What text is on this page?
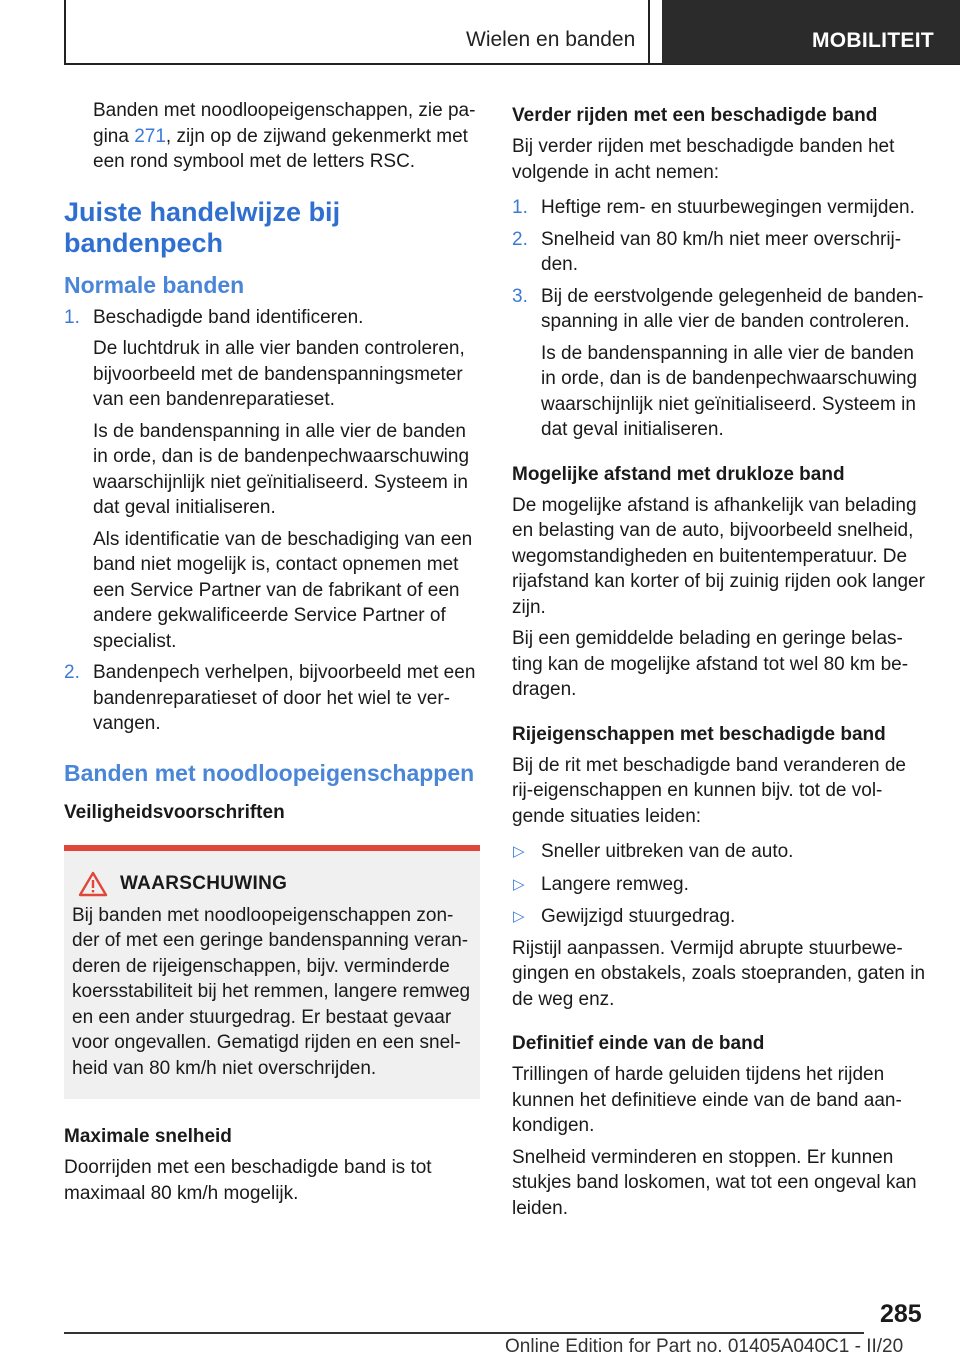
Wielen en banden	MOBILITEIT

Banden met noodloopeigenschappen, zie pa-gina 271, zijn op de zijwand gekenmerkt met een rond symbool met de letters RSC.

Juiste handelwijze bij bandenpech
Normale banden
1. Beschadigde band identificeren.

De luchtdruk in alle vier banden controleren, bijvoorbeeld met de bandenspanningsmeter van een bandenreparatieset.

Is de bandenspanning in alle vier de banden in orde, dan is de bandenpechwaarschuwing waarschijnlijk niet geïnitialiseerd. Systeem in dat geval initialiseren.

Als identificatie van de beschadiging van een band niet mogelijk is, contact opnemen met een Service Partner van de fabrikant of een andere gekwalificeerde Service Partner of specialist.

2. Bandenpech verhelpen, bijvoorbeeld met een bandenreparatieset of door het wiel te ver-vangen.

Banden met noodloopeigenschappen
Veiligheidsvoorschriften
WAARSCHUWING

Bij banden met noodloopeigenschappen zon-der of met een geringe bandenspanning veran-deren de rijeigenschappen, bijv. verminderde koersstabiliteit bij het remmen, langere remweg en een ander stuurgedrag. Er bestaat gevaar voor ongevallen. Gematigd rijden en een snel-heid van 80 km/h niet overschrijden.

Maximale snelheid

Doorrijden met een beschadigde band is tot maximaal 80 km/h mogelijk.

Verder rijden met een beschadigde band

Bij verder rijden met beschadigde banden het volgende in acht nemen:

1. Heftige rem- en stuurbewegingen vermijden.

2. Snelheid van 80 km/h niet meer overschrij-den.

3. Bij de eerstvolgende gelegenheid de banden-spanning in alle vier de banden controleren.

Is de bandenspanning in alle vier de banden in orde, dan is de bandenpechwaarschuwing waarschijnlijk niet geïnitialiseerd. Systeem in dat geval initialiseren.

Mogelijke afstand met drukloze band

De mogelijke afstand is afhankelijk van belading en belasting van de auto, bijvoorbeeld snelheid, wegomstandigheden en buitentemperatuur. De rijafstand kan korter of bij zuinig rijden ook langer zijn.

Bij een gemiddelde belading en geringe belas-ting kan de mogelijke afstand tot wel 80 km be-dragen.

Rijeigenschappen met beschadigde band

Bij de rit met beschadigde band veranderen de rij-eigenschappen en kunnen bijv. tot de vol-gende situaties leiden:

▷ Sneller uitbreken van de auto.
▷ Langere remweg.
▷ Gewijzigd stuurgedrag.

Rijstijl aanpassen. Vermijd abrupte stuurbewe-gingen en obstakels, zoals stoepranden, gaten in de weg enz.

Definitief einde van de band

Trillingen of harde geluiden tijdens het rijden kunnen het definitieve einde van de band aan-kondigen.

Snelheid verminderen en stoppen. Er kunnen stukjes band loskomen, wat tot een ongeval kan leiden.

285
Online Edition for Part no. 01405A040C1 - II/20
